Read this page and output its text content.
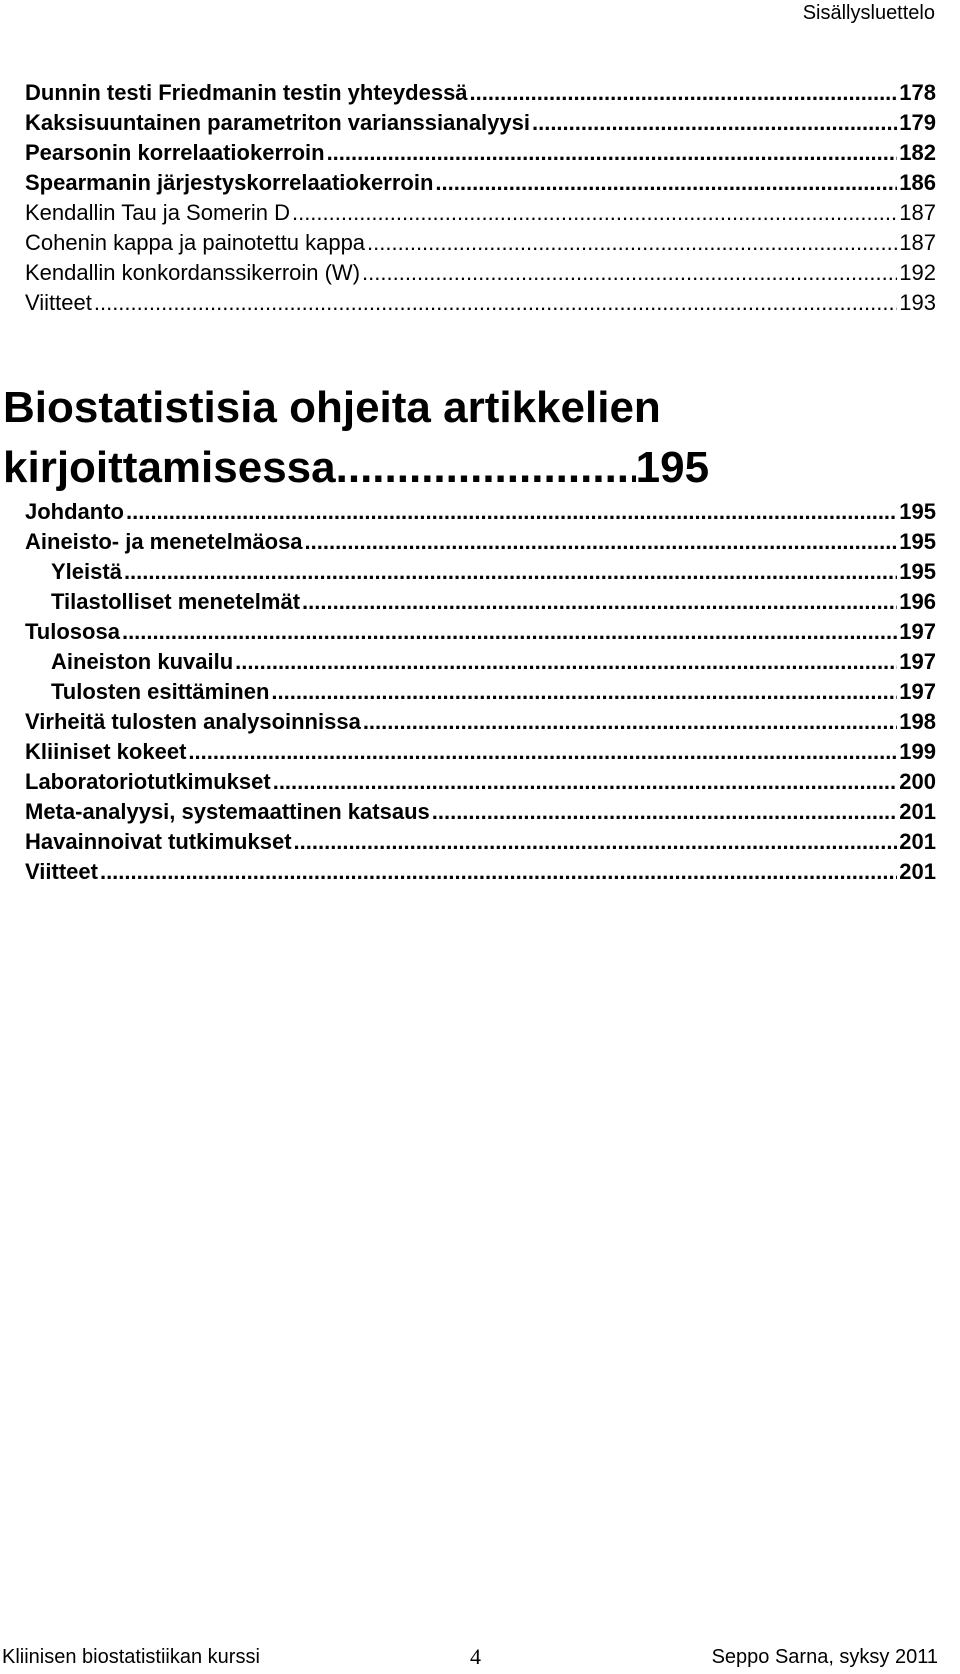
Sisällysluettelo
Dunnin testi Friedmanin testin yhteydessä .....	178
Kaksisuuntainen parametriton varianssianalyysi .....	179
Pearsonin korrelaatiokerroin .....	182
Spearmanin järjestyskorrelaatiokerroin .....	186
Kendallin Tau ja Somerin D .....	187
Cohenin kappa ja painotettu kappa .....	187
Kendallin konkordanssikerroin (W) .....	192
Viitteet .....	193
Biostatistisia ohjeita artikkelien
kirjoittamisessa .....	195
Johdanto .....	195
Aineisto- ja menetelmäosa .....	195
Yleistä .....	195
Tilastolliset menetelmät .....	196
Tulososa .....	197
Aineiston kuvailu .....	197
Tulosten esittäminen .....	197
Virheitä tulosten analysoinnissa .....	198
Kliiniset kokeet .....	199
Laboratoriotutkimukset .....	200
Meta-analyysi, systemaattinen katsaus .....	201
Havainnoivat tutkimukset .....	201
Viitteet .....	201
Kliinisen biostatistiikan kurssi	4	Seppo Sarna, syksy 2011
